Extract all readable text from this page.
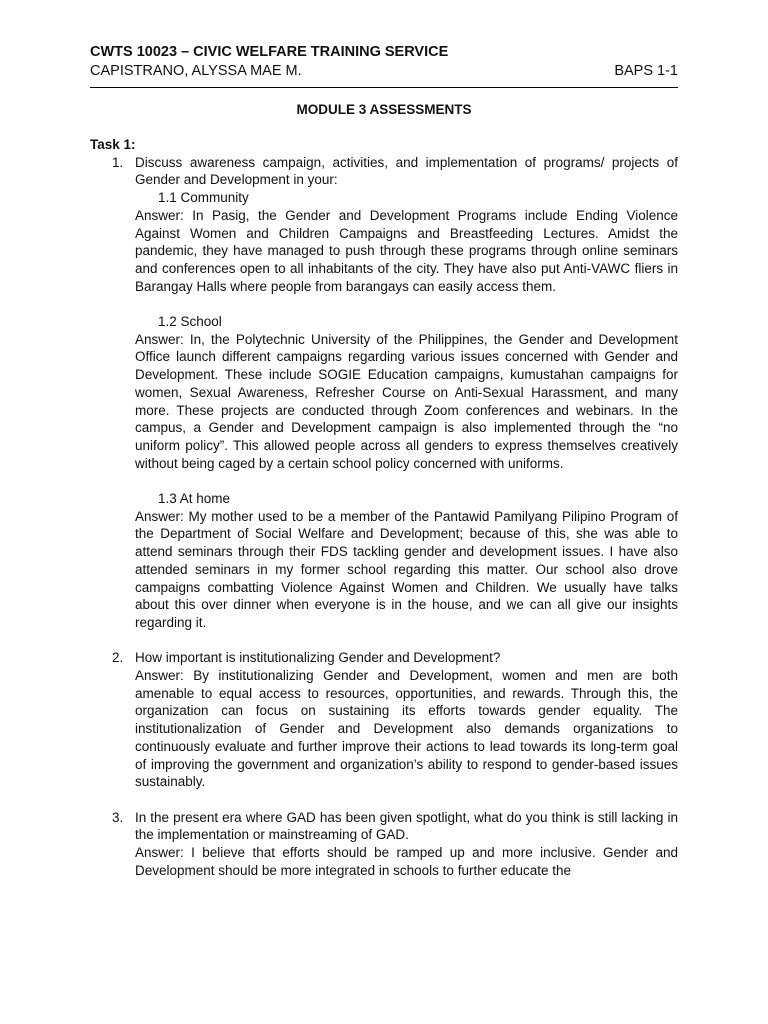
CWTS 10023 – CIVIC WELFARE TRAINING SERVICE
CAPISTRANO, ALYSSA MAE M.	BAPS 1-1
MODULE 3 ASSESSMENTS
Task 1:
1. Discuss awareness campaign, activities, and implementation of programs/ projects of Gender and Development in your:
1.1 Community
Answer: In Pasig, the Gender and Development Programs include Ending Violence Against Women and Children Campaigns and Breastfeeding Lectures. Amidst the pandemic, they have managed to push through these programs through online seminars and conferences open to all inhabitants of the city. They have also put Anti-VAWC fliers in Barangay Halls where people from barangays can easily access them.
1.2 School
Answer: In, the Polytechnic University of the Philippines, the Gender and Development Office launch different campaigns regarding various issues concerned with Gender and Development. These include SOGIE Education campaigns, kumustahan campaigns for women, Sexual Awareness, Refresher Course on Anti-Sexual Harassment, and many more. These projects are conducted through Zoom conferences and webinars. In the campus, a Gender and Development campaign is also implemented through the “no uniform policy”. This allowed people across all genders to express themselves creatively without being caged by a certain school policy concerned with uniforms.
1.3 At home
Answer: My mother used to be a member of the Pantawid Pamilyang Pilipino Program of the Department of Social Welfare and Development; because of this, she was able to attend seminars through their FDS tackling gender and development issues. I have also attended seminars in my former school regarding this matter. Our school also drove campaigns combatting Violence Against Women and Children. We usually have talks about this over dinner when everyone is in the house, and we can all give our insights regarding it.
2. How important is institutionalizing Gender and Development?
Answer: By institutionalizing Gender and Development, women and men are both amenable to equal access to resources, opportunities, and rewards. Through this, the organization can focus on sustaining its efforts towards gender equality. The institutionalization of Gender and Development also demands organizations to continuously evaluate and further improve their actions to lead towards its long-term goal of improving the government and organization’s ability to respond to gender-based issues sustainably.
3. In the present era where GAD has been given spotlight, what do you think is still lacking in the implementation or mainstreaming of GAD.
Answer: I believe that efforts should be ramped up and more inclusive. Gender and Development should be more integrated in schools to further educate the
